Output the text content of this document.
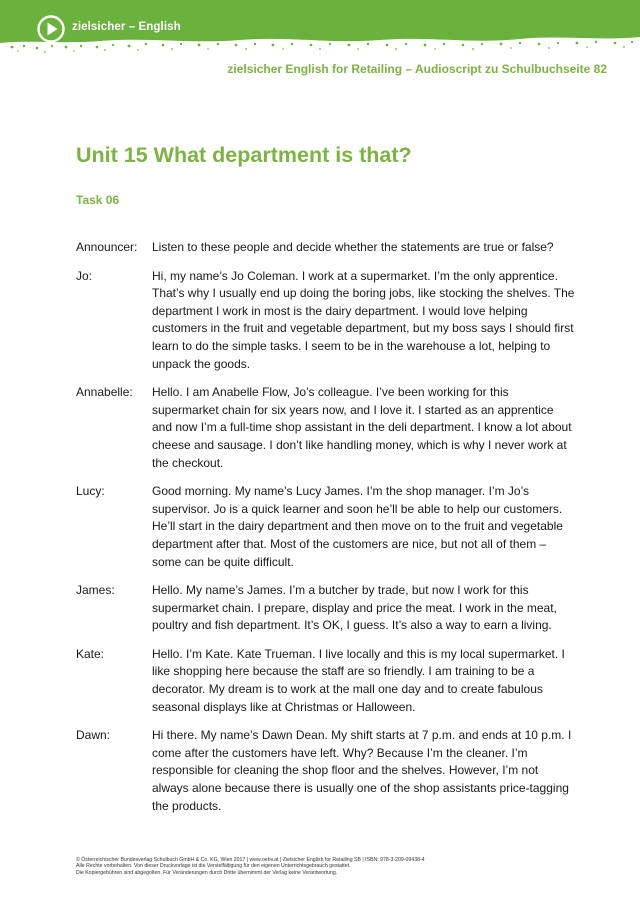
zielsicher – English
zielsicher English for Retailing – Audioscript zu Schulbuchseite 82
Unit 15 What department is that?
Task 06
Announcer:	Listen to these people and decide whether the statements are true or false?
Jo:	Hi, my name’s Jo Coleman. I work at a supermarket. I’m the only apprentice. That’s why I usually end up doing the boring jobs, like stocking the shelves. The department I work in most is the dairy department. I would love helping customers in the fruit and vegetable department, but my boss says I should first learn to do the simple tasks. I seem to be in the warehouse a lot, helping to unpack the goods.
Annabelle:	Hello. I am Anabelle Flow, Jo’s colleague. I’ve been working for this supermarket chain for six years now, and I love it. I started as an apprentice and now I’m a full-time shop assistant in the deli department. I know a lot about cheese and sausage. I don’t like handling money, which is why I never work at the checkout.
Lucy:	Good morning. My name’s Lucy James. I’m the shop manager. I’m Jo’s supervisor. Jo is a quick learner and soon he’ll be able to help our customers. He’ll start in the dairy department and then move on to the fruit and vegetable department after that. Most of the customers are nice, but not all of them – some can be quite difficult.
James:	Hello. My name’s James. I’m a butcher by trade, but now I work for this supermarket chain. I prepare, display and price the meat. I work in the meat, poultry and fish department. It’s OK, I guess. It’s also a way to earn a living.
Kate:	Hello. I’m Kate. Kate Trueman. I live locally and this is my local supermarket. I like shopping here because the staff are so friendly. I am training to be a decorator. My dream is to work at the mall one day and to create fabulous seasonal displays like at Christmas or Halloween.
Dawn:	Hi there. My name’s Dawn Dean. My shift starts at 7 p.m. and ends at 10 p.m. I come after the customers have left. Why? Because I’m the cleaner. I’m responsible for cleaning the shop floor and the shelves. However, I’m not always alone because there is usually one of the shop assistants price-tagging the products.
© Österreichischer Bundesverlag Schulbuch GmbH & Co. KG, Wien 2017 | www.oebv.at | Zielsicher English for Retailing SB | ISBN: 978-3-209-09438-4
Alle Rechte vorbehalten. Von dieser Druckvorlage ist die Vervielfältigung für den eigenen Unterrichtsgebrauch gestattet.
Die Kopiergebühren sind abgegolten. Für Veränderungen durch Dritte übernimmt der Verlag keine Verantwortung.
